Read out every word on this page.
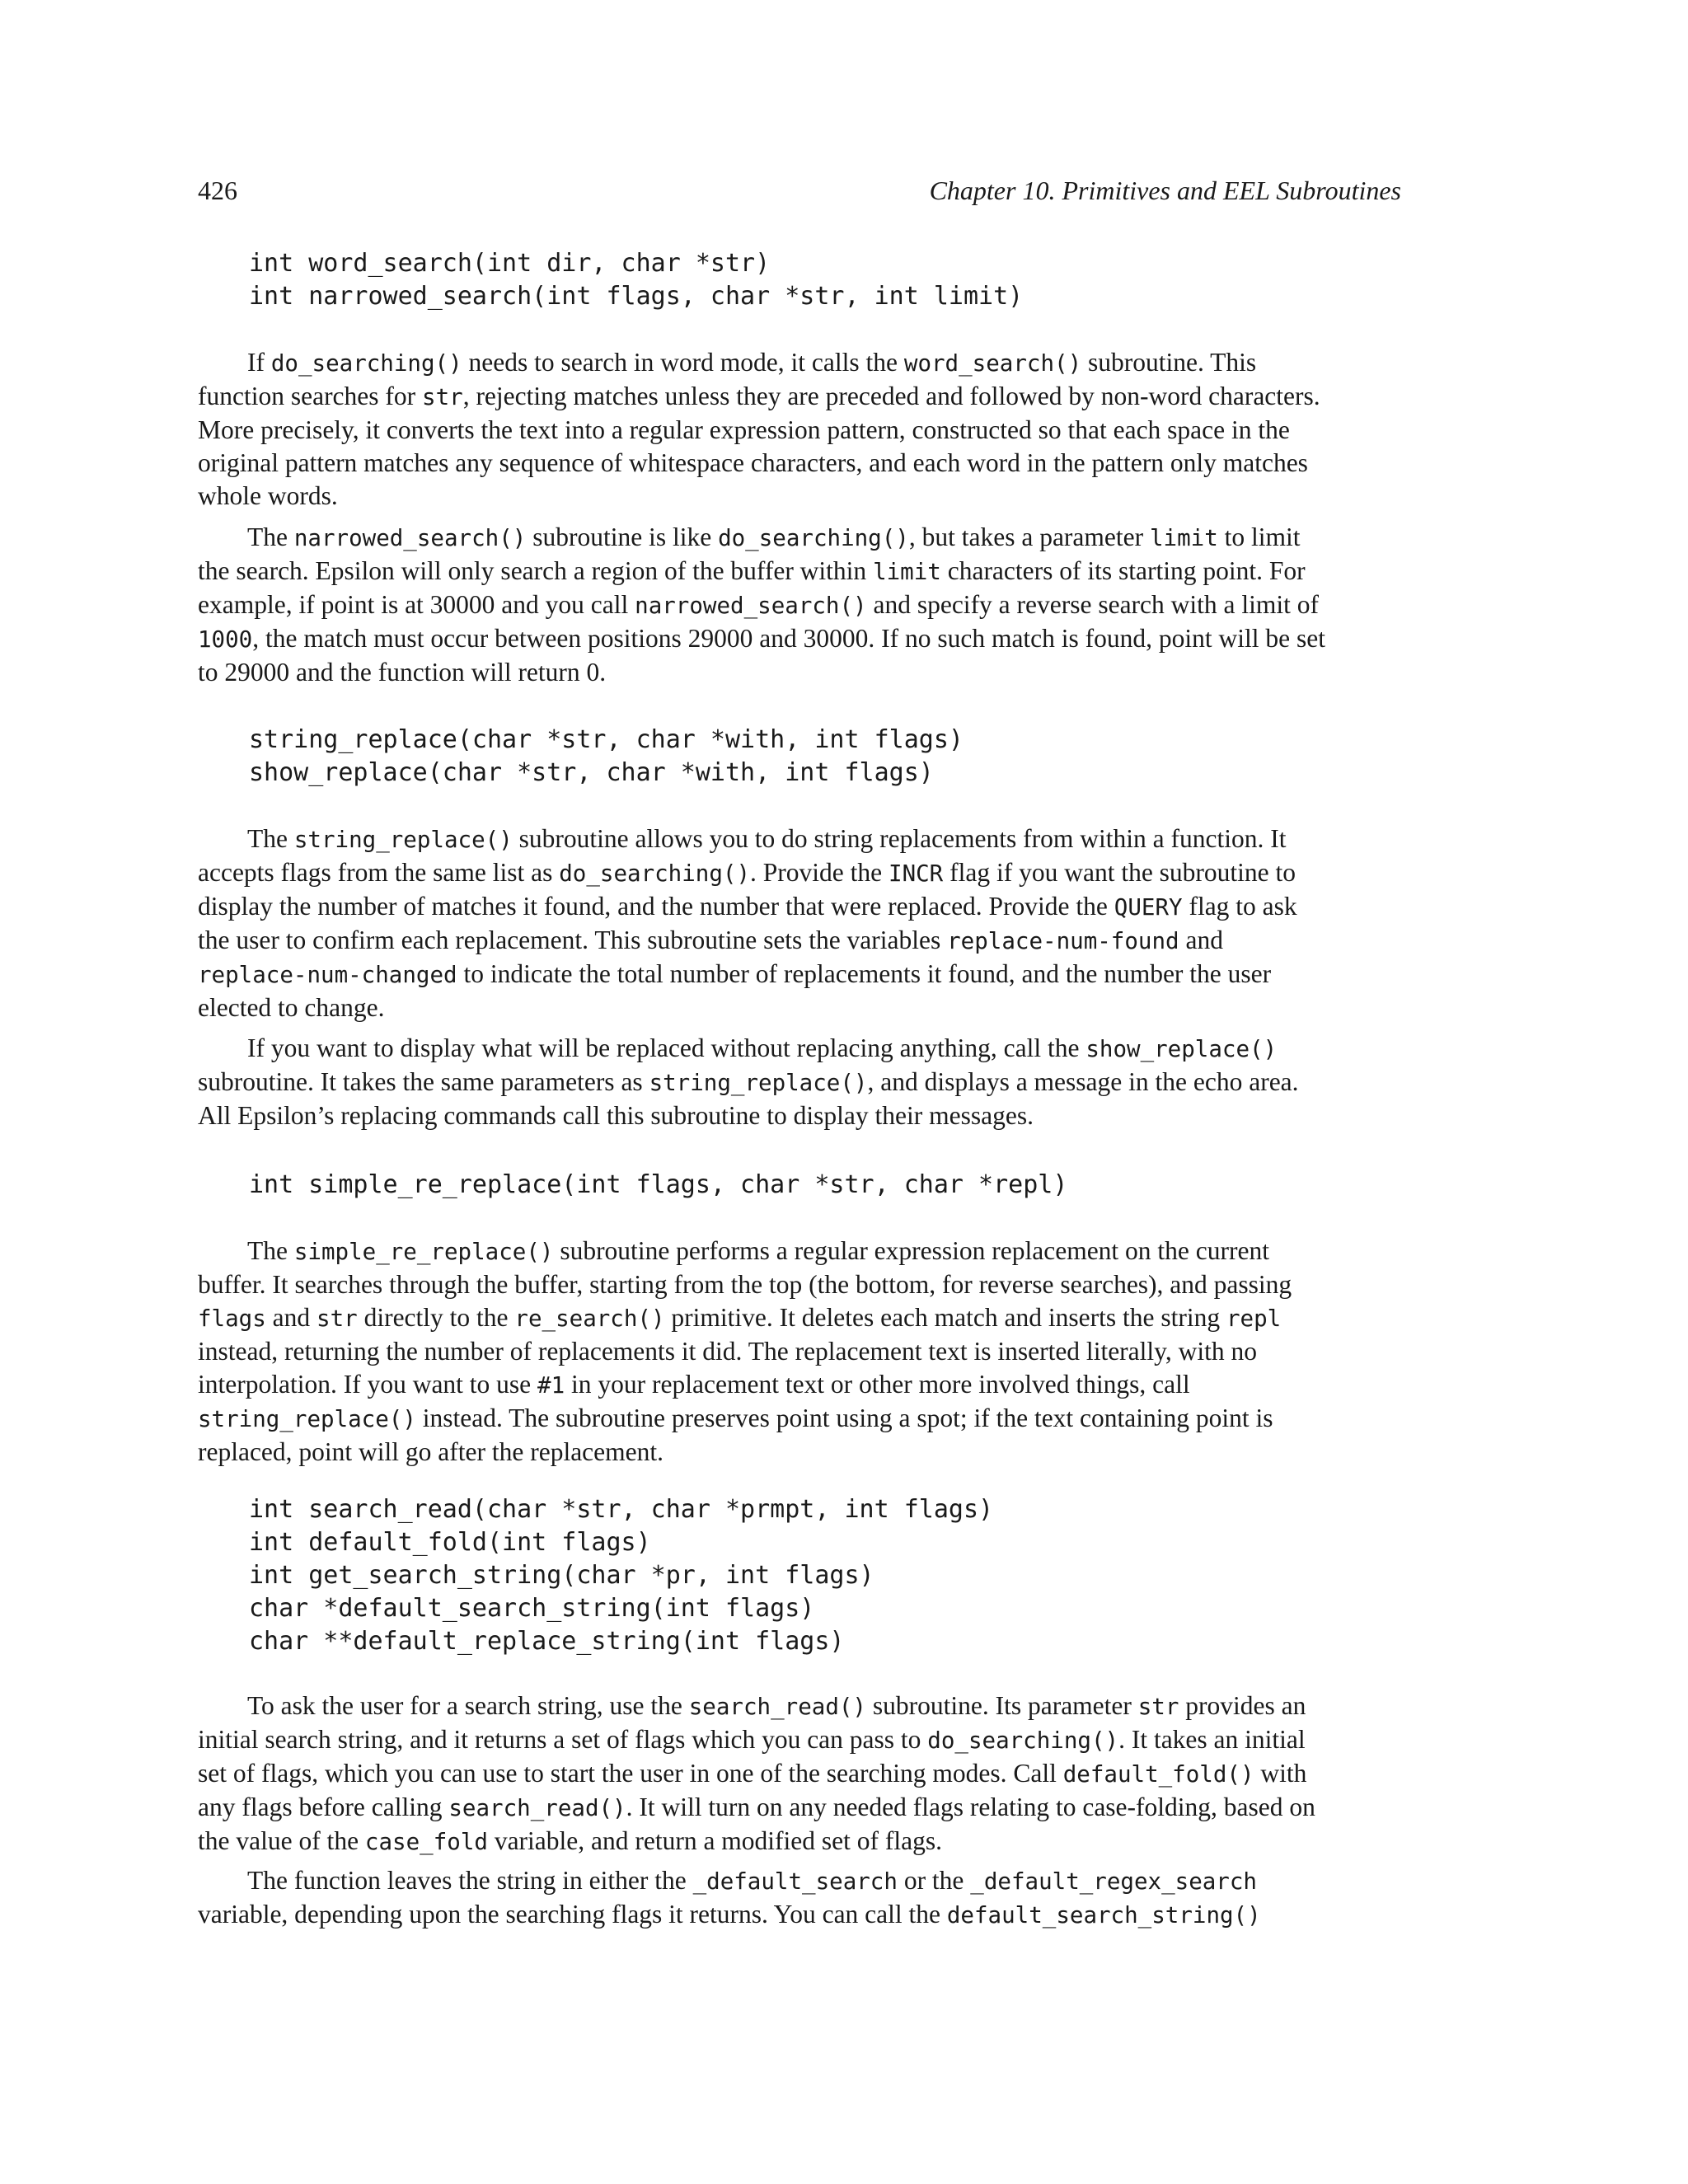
426	Chapter 10. Primitives and EEL Subroutines
int word_search(int dir, char *str)
int narrowed_search(int flags, char *str, int limit)
If do_searching() needs to search in word mode, it calls the word_search() subroutine. This
function searches for str, rejecting matches unless they are preceded and followed by non-word characters.
More precisely, it converts the text into a regular expression pattern, constructed so that each space in the
original pattern matches any sequence of whitespace characters, and each word in the pattern only matches
whole words.
The narrowed_search() subroutine is like do_searching(), but takes a parameter limit to limit
the search. Epsilon will only search a region of the buffer within limit characters of its starting point. For
example, if point is at 30000 and you call narrowed_search() and specify a reverse search with a limit of
1000, the match must occur between positions 29000 and 30000. If no such match is found, point will be set
to 29000 and the function will return 0.
string_replace(char *str, char *with, int flags)
show_replace(char *str, char *with, int flags)
The string_replace() subroutine allows you to do string replacements from within a function. It
accepts flags from the same list as do_searching(). Provide the INCR flag if you want the subroutine to
display the number of matches it found, and the number that were replaced. Provide the QUERY flag to ask
the user to confirm each replacement. This subroutine sets the variables replace-num-found and
replace-num-changed to indicate the total number of replacements it found, and the number the user
elected to change.
If you want to display what will be replaced without replacing anything, call the show_replace()
subroutine. It takes the same parameters as string_replace(), and displays a message in the echo area.
All Epsilon’s replacing commands call this subroutine to display their messages.
int simple_re_replace(int flags, char *str, char *repl)
The simple_re_replace() subroutine performs a regular expression replacement on the current
buffer. It searches through the buffer, starting from the top (the bottom, for reverse searches), and passing
flags and str directly to the re_search() primitive. It deletes each match and inserts the string repl
instead, returning the number of replacements it did. The replacement text is inserted literally, with no
interpolation. If you want to use #1 in your replacement text or other more involved things, call
string_replace() instead. The subroutine preserves point using a spot; if the text containing point is
replaced, point will go after the replacement.
int search_read(char *str, char *prmpt, int flags)
int default_fold(int flags)
int get_search_string(char *pr, int flags)
char *default_search_string(int flags)
char **default_replace_string(int flags)
To ask the user for a search string, use the search_read() subroutine. Its parameter str provides an
initial search string, and it returns a set of flags which you can pass to do_searching(). It takes an initial
set of flags, which you can use to start the user in one of the searching modes. Call default_fold() with
any flags before calling search_read(). It will turn on any needed flags relating to case-folding, based on
the value of the case_fold variable, and return a modified set of flags.
The function leaves the string in either the _default_search or the _default_regex_search
variable, depending upon the searching flags it returns. You can call the default_search_string()
